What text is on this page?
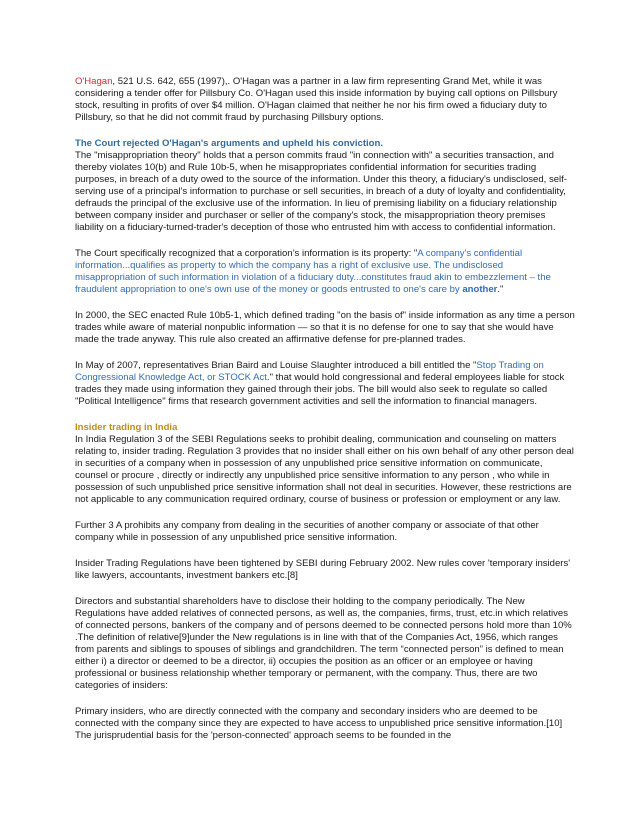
O'Hagan, 521 U.S. 642, 655 (1997),. O'Hagan was a partner in a law firm representing Grand Met, while it was considering a tender offer for Pillsbury Co. O'Hagan used this inside information by buying call options on Pillsbury stock, resulting in profits of over $4 million. O'Hagan claimed that neither he nor his firm owed a fiduciary duty to Pillsbury, so that he did not commit fraud by purchasing Pillsbury options.

The Court rejected O'Hagan's arguments and upheld his conviction.

The "misappropriation theory" holds that a person commits fraud "in connection with" a securities transaction, and thereby violates 10(b) and Rule 10b-5, when he misappropriates confidential information for securities trading purposes, in breach of a duty owed to the source of the information. Under this theory, a fiduciary's undisclosed, self-serving use of a principal's information to purchase or sell securities, in breach of a duty of loyalty and confidentiality, defrauds the principal of the exclusive use of the information. In lieu of premising liability on a fiduciary relationship between company insider and purchaser or seller of the company's stock, the misappropriation theory premises liability on a fiduciary-turned-trader's deception of those who entrusted him with access to confidential information.

The Court specifically recognized that a corporation’s information is its property: "A company's confidential information...qualifies as property to which the company has a right of exclusive use. The undisclosed misappropriation of such information in violation of a fiduciary duty...constitutes fraud akin to embezzlement – the fraudulent appropriation to one's own use of the money or goods entrusted to one's care by another."

In 2000, the SEC enacted Rule 10b5-1, which defined trading "on the basis of" inside information as any time a person trades while aware of material nonpublic information — so that it is no defense for one to say that she would have made the trade anyway. This rule also created an affirmative defense for pre-planned trades.

In May of 2007, representatives Brian Baird and Louise Slaughter introduced a bill entitled the "Stop Trading on Congressional Knowledge Act, or STOCK Act." that would hold congressional and federal employees liable for stock trades they made using information they gained through their jobs. The bill would also seek to regulate so called "Political Intelligence" firms that research government activities and sell the information to financial managers.

Insider trading in India

In India Regulation 3 of the SEBI Regulations seeks to prohibit dealing, communication and counseling on matters relating to, insider trading. Regulation 3 provides that no insider shall either on his own behalf of any other person deal in securities of a company when in possession of any unpublished price sensitive information on communicate, counsel or procure , directly or indirectly any unpublished price sensitive information to any person , who while in possession of such unpublished price sensitive information shall not deal in securities. However, these restrictions are not applicable to any communication required ordinary, course of business or profession or employment or any law.

Further 3 A prohibits any company from dealing in the securities of another company or associate of that other company while in possession of any unpublished price sensitive information.

Insider Trading Regulations have been tightened by SEBI during February 2002. New rules cover 'temporary insiders' like lawyers, accountants, investment bankers etc.[8]

Directors and substantial shareholders have to disclose their holding to the company periodically. The New Regulations have added relatives of connected persons, as well as, the companies, firms, trust, etc.in which relatives of connected persons, bankers of the company and of persons deemed to be connected persons hold more than 10% .The definition of relative[9]under the New regulations is in line with that of the Companies Act, 1956, which ranges from parents and siblings to spouses of siblings and grandchildren. The term “connected person” is defined to mean either i) a director or deemed to be a director, ii) occupies the position as an officer or an employee or having professional or business relationship whether temporary or permanent, with the company. Thus, there are two categories of insiders:

Primary insiders, who are directly connected with the company and secondary insiders who are deemed to be connected with the company since they are expected to have access to unpublished price sensitive information.[10] The jurisprudential basis for the 'person-connected' approach seems to be founded in the
